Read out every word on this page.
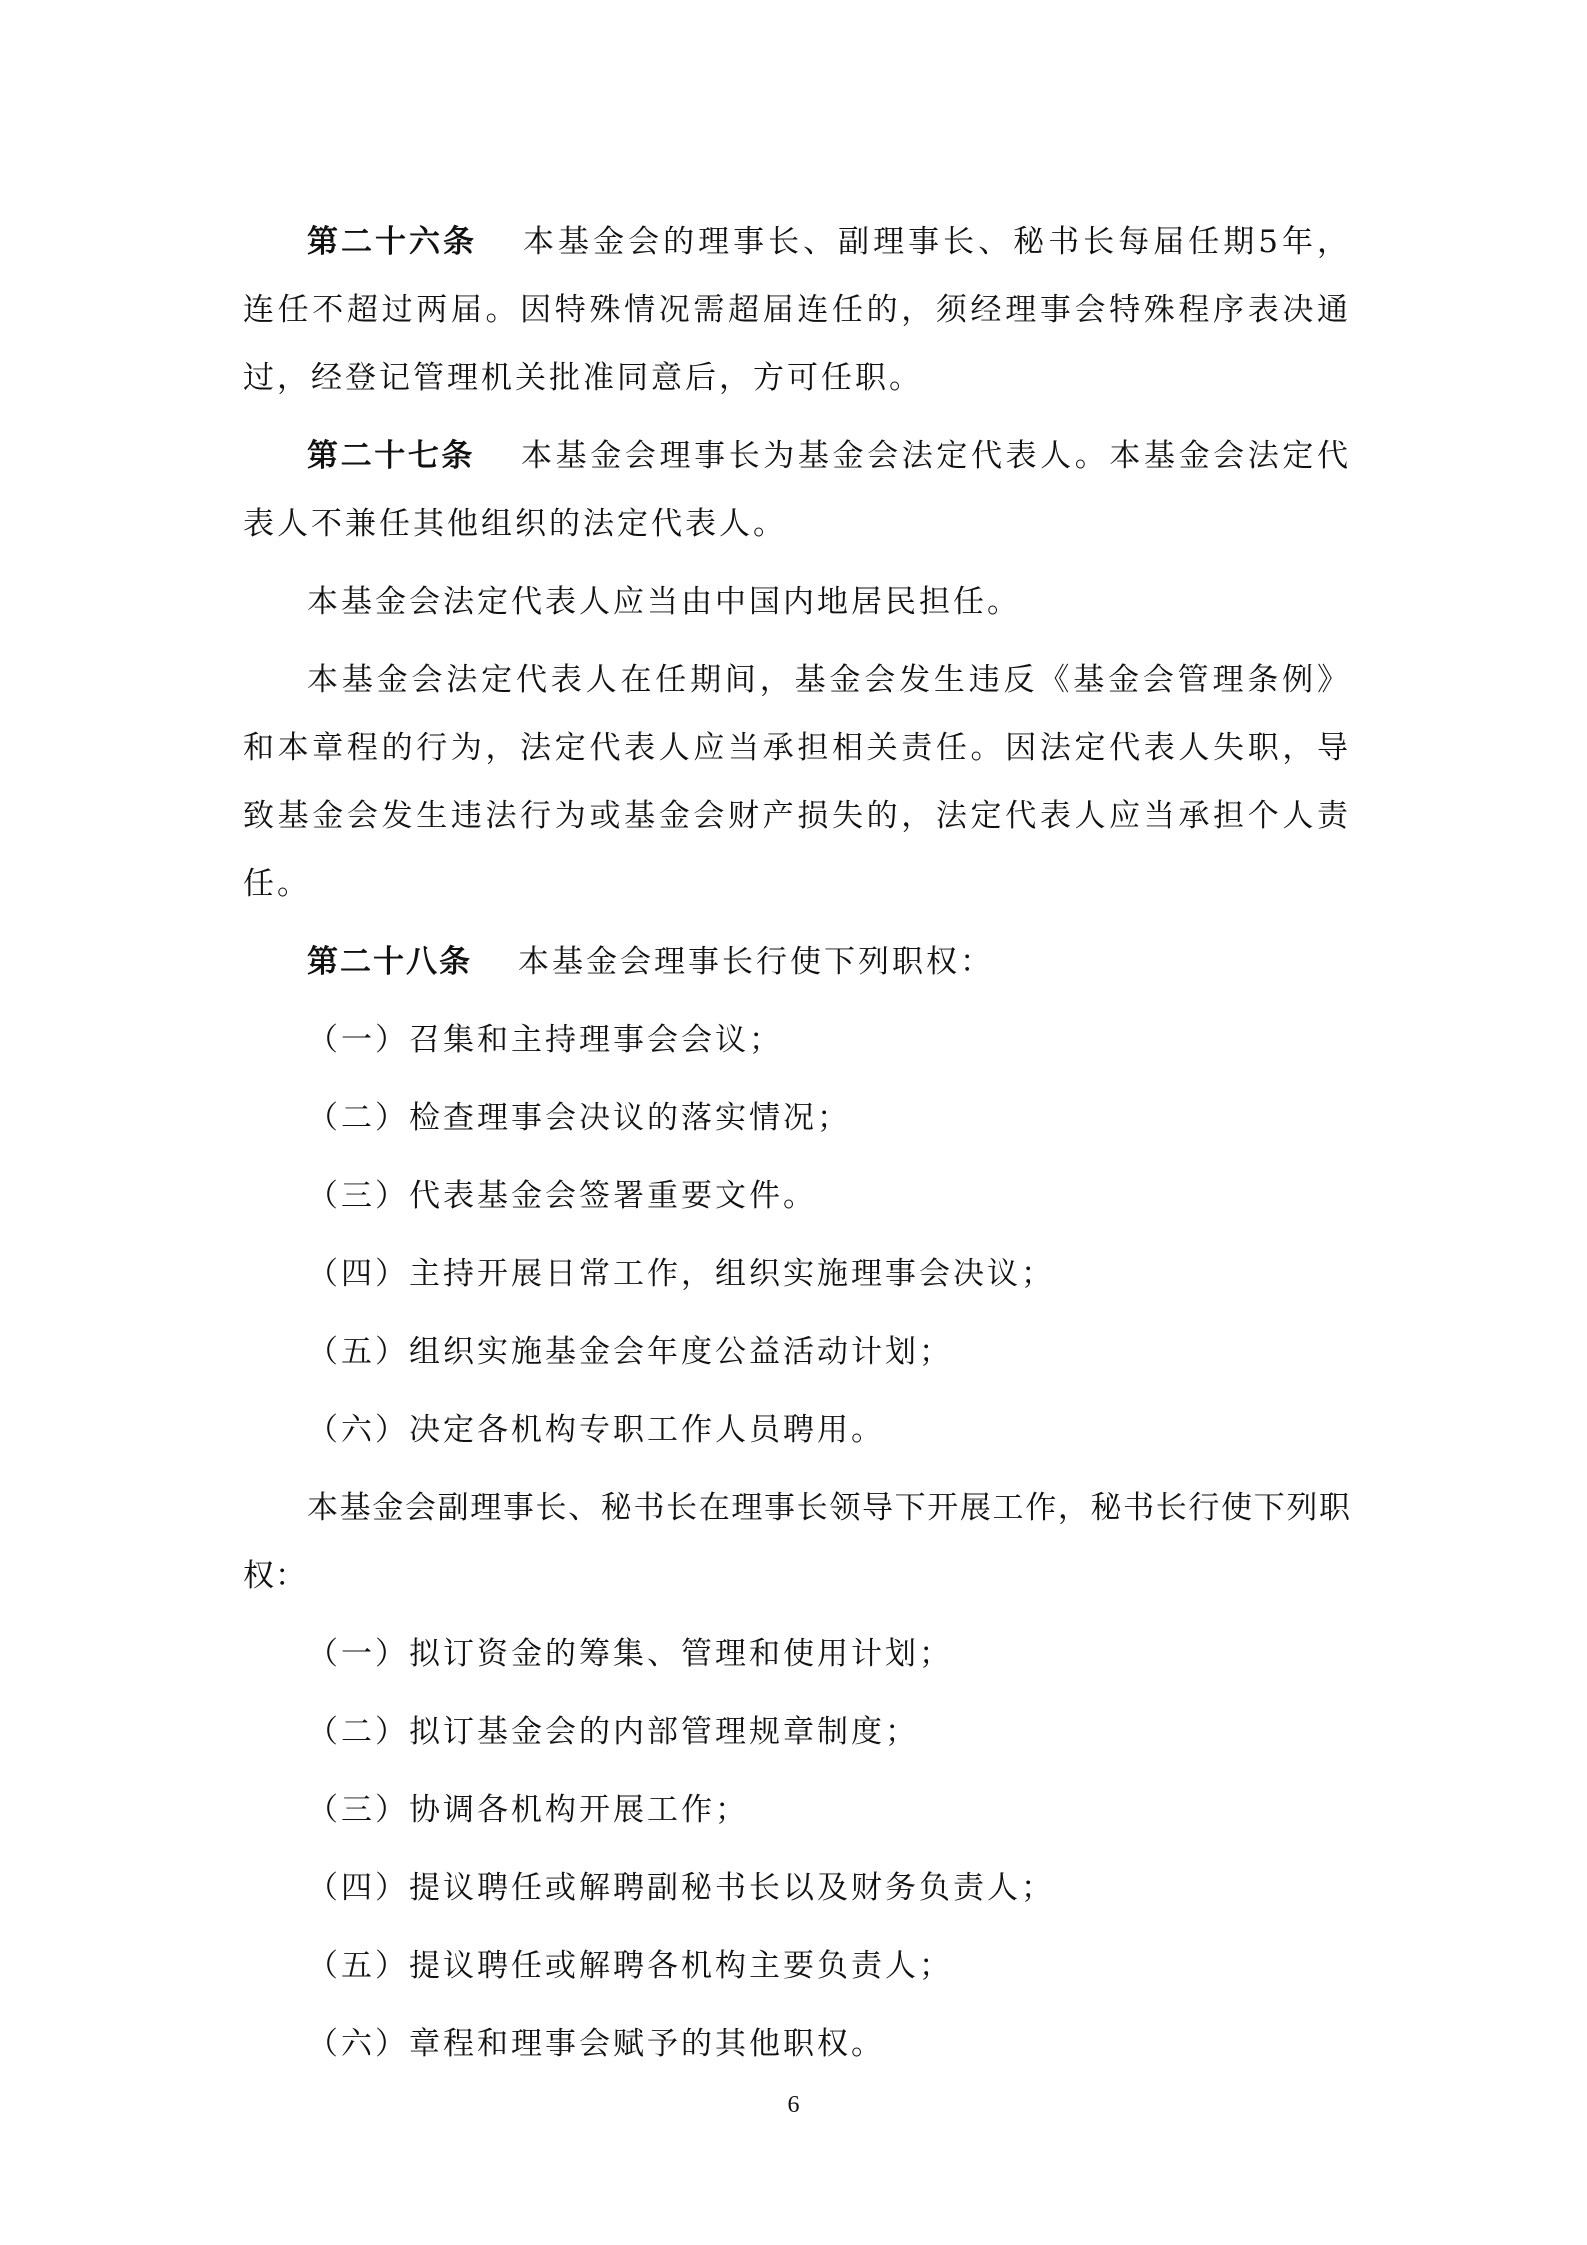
第二十六条 本基金会的理事长、副理事长、秘书长每届任期5年，连任不超过两届。因特殊情况需超届连任的，须经理事会特殊程序表决通过，经登记管理机关批准同意后，方可任职。

第二十七条 本基金会理事长为基金会法定代表人。本基金会法定代表人不兼任其他组织的法定代表人。

本基金会法定代表人应当由中国内地居民担任。

本基金会法定代表人在任期间，基金会发生违反《基金会管理条例》和本章程的行为，法定代表人应当承担相关责任。因法定代表人失职，导致基金会发生违法行为或基金会财产损失的，法定代表人应当承担个人责任。

第二十八条 本基金会理事长行使下列职权：

（一）召集和主持理事会会议；

（二）检查理事会决议的落实情况；

（三）代表基金会签署重要文件。

（四）主持开展日常工作，组织实施理事会决议；

（五）组织实施基金会年度公益活动计划；

（六）决定各机构专职工作人员聘用。

本基金会副理事长、秘书长在理事长领导下开展工作，秘书长行使下列职权：

（一）拟订资金的筹集、管理和使用计划；

（二）拟订基金会的内部管理规章制度；

（三）协调各机构开展工作；

（四）提议聘任或解聘副秘书长以及财务负责人；

（五）提议聘任或解聘各机构主要负责人；

（六）章程和理事会赋予的其他职权。

6
